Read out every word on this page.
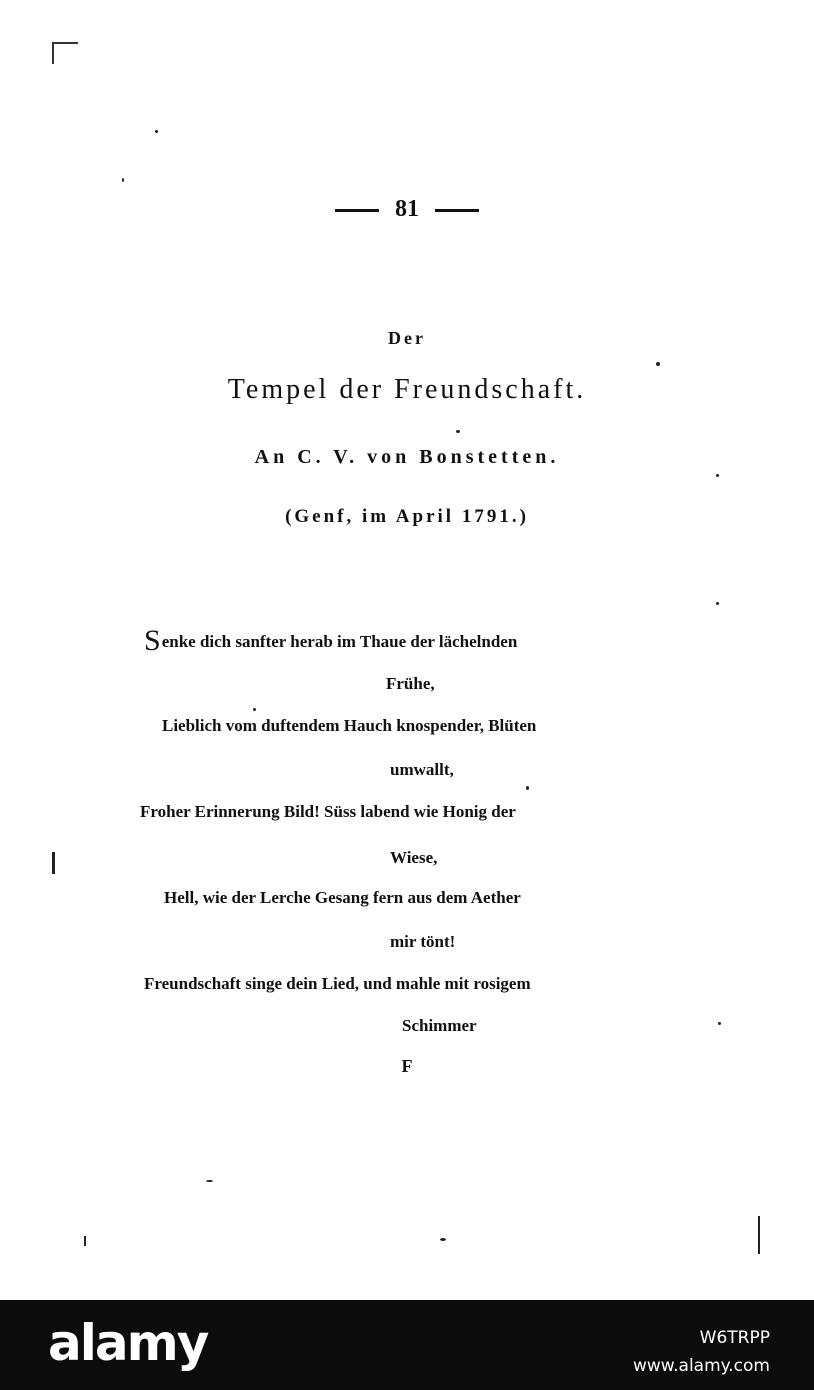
81
Der
Tempel der Freundschaft.
An C. V. von Bonstetten.
(Genf, im April 1791.)
Senke dich sanfter herab im Thaue der lächelnden
Frühe,
Lieblich vom duftendem Hauch knospender, Blüten
umwallt,
Froher Erinnerung Bild! Süss labend wie Honig der
Wiese,
Hell, wie der Lerche Gesang fern aus dem Aether
mir tönt!
Freundschaft singe dein Lied, und mahle mit rosigem
Schimmer
F
alamy	W6TRPP
www.alamy.com
